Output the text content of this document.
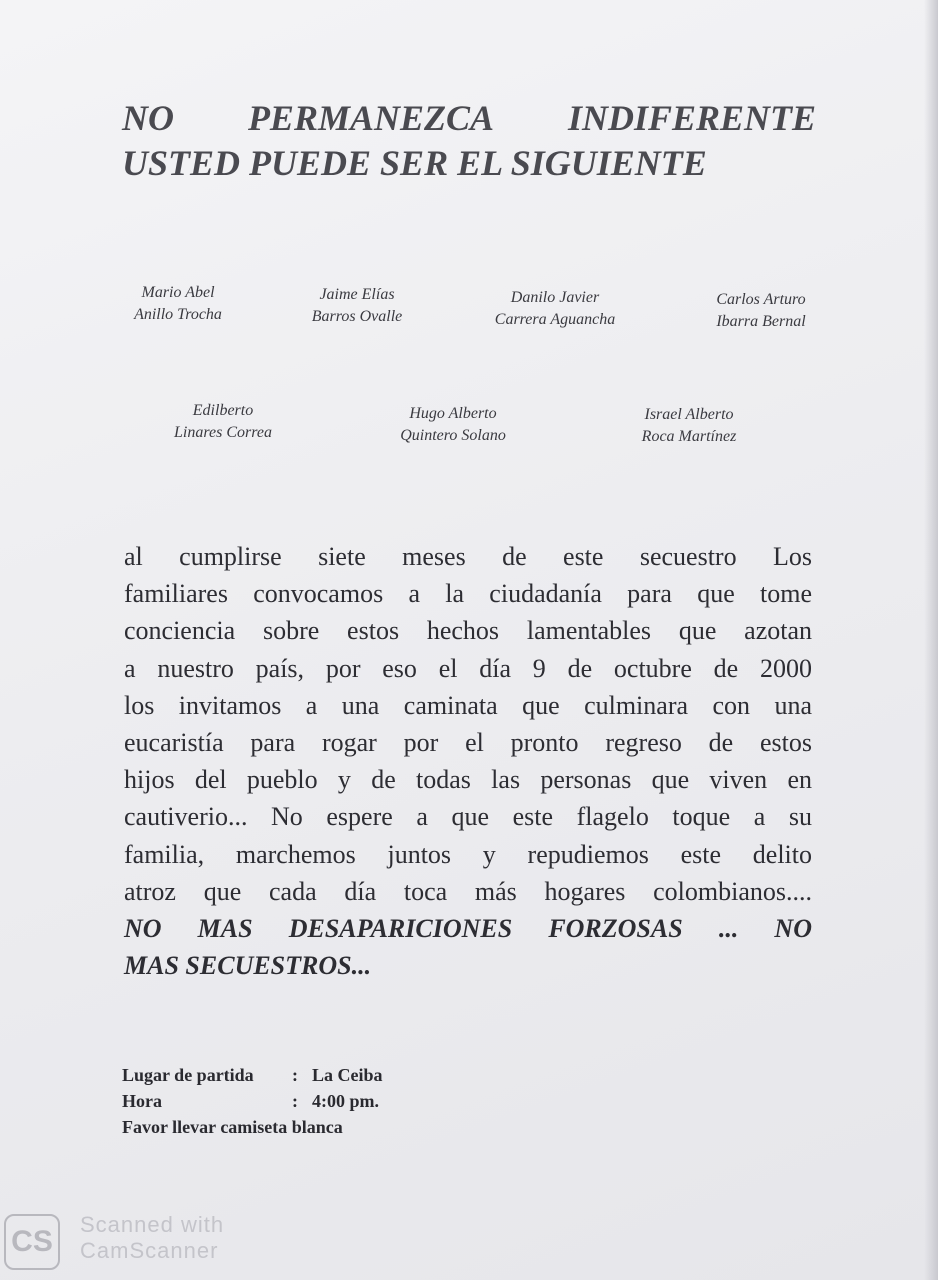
NO PERMANEZCA INDIFERENTE
USTED PUEDE SER EL SIGUIENTE
Mario Abel
Anillo Trocha
Jaime Elías
Barros Ovalle
Danilo Javier
Carrera Aguancha
Carlos Arturo
Ibarra Bernal
Edilberto
Linares Correa
Hugo Alberto
Quintero Solano
Israel Alberto
Roca Martínez
al cumplirse siete meses de este secuestro Los
familiares convocamos a la ciudadanía para que tome
conciencia sobre estos hechos lamentables que azotan
a nuestro país, por eso el día 9 de octubre de 2000
los invitamos a una caminata que culminara con una
eucaristía para rogar por el pronto regreso de estos
hijos del pueblo y de todas las personas que viven en
cautiverio... No espere a que este flagelo toque a su
familia, marchemos juntos y repudiemos este delito
atroz que cada día toca más hogares colombianos....
NO MAS DESAPARICIONES FORZOSAS ... NO
MAS SECUESTROS...
Lugar de partida : La Ceiba
Hora	: 4:00 pm.
Favor llevar camiseta blanca
CS
Scanned with
CamScanner
